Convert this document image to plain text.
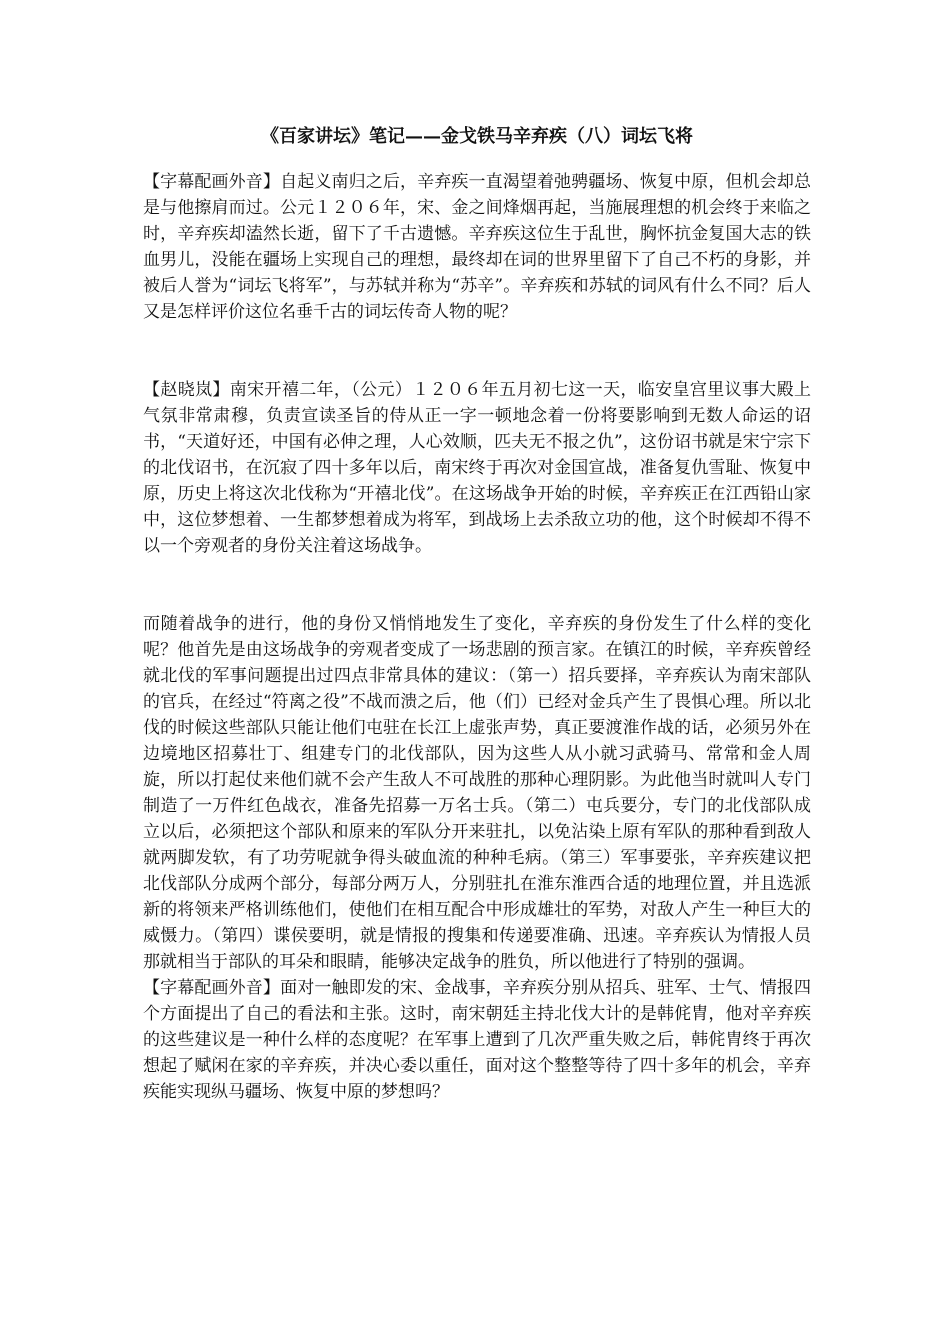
《百家讲坛》笔记——金戈铁马辛弃疾（八）词坛飞将

【字幕配画外音】自起义南归之后，辛弃疾一直渴望着弛骋疆场、恢复中原，但机会却总是与他擦肩而过。公元１２０６年，宋、金之间烽烟再起，当施展理想的机会终于来临之时，辛弃疾却溘然长逝，留下了千古遗憾。辛弃疾这位生于乱世，胸怀抗金复国大志的铁血男儿，没能在疆场上实现自己的理想，最终却在词的世界里留下了自己不朽的身影，并被后人誉为“词坛飞将军”，与苏轼并称为“苏辛”。辛弃疾和苏轼的词风有什么不同？后人又是怎样评价这位名垂千古的词坛传奇人物的呢？

【赵晓岚】南宋开禧二年，（公元）１２０６年五月初七这一天，临安皇宫里议事大殿上气氛非常肃穆，负责宣读圣旨的侍从正一字一顿地念着一份将要影响到无数人命运的诏书，“天道好还，中国有必伸之理，人心效顺，匹夫无不报之仇”，这份诏书就是宋宁宗下的北伐诏书，在沉寂了四十多年以后，南宋终于再次对金国宣战，准备复仇雪耻、恢复中原，历史上将这次北伐称为“开禧北伐”。在这场战争开始的时候，辛弃疾正在江西铅山家中，这位梦想着、一生都梦想着成为将军，到战场上去杀敌立功的他，这个时候却不得不以一个旁观者的身份关注着这场战争。

而随着战争的进行，他的身份又悄悄地发生了变化，辛弃疾的身份发生了什么样的变化呢？他首先是由这场战争的旁观者变成了一场悲剧的预言家。在镇江的时候，辛弃疾曾经就北伐的军事问题提出过四点非常具体的建议：（第一）招兵要择，辛弃疾认为南宋部队的官兵，在经过“符离之役”不战而溃之后，他（们）已经对金兵产生了畏惧心理。所以北伐的时候这些部队只能让他们屯驻在长江上虚张声势，真正要渡淮作战的话，必须另外在边境地区招募壮丁、组建专门的北伐部队，因为这些人从小就习武骑马、常常和金人周旋，所以打起仗来他们就不会产生敌人不可战胜的那种心理阴影。为此他当时就叫人专门制造了一万件红色战衣，准备先招募一万名士兵。（第二）屯兵要分，专门的北伐部队成立以后，必须把这个部队和原来的军队分开来驻扎，以免沾染上原有军队的那种看到敌人就两脚发软，有了功劳呢就争得头破血流的种种毛病。（第三）军事要张，辛弃疾建议把北伐部队分成两个部分，每部分两万人，分别驻扎在淮东淮西合适的地理位置，并且选派新的将领来严格训练他们，使他们在相互配合中形成雄壮的军势，对敌人产生一种巨大的威慑力。（第四）谍侯要明，就是情报的搜集和传递要准确、迅速。辛弃疾认为情报人员那就相当于部队的耳朵和眼睛，能够决定战争的胜负，所以他进行了特别的强调。

【字幕配画外音】面对一触即发的宋、金战事，辛弃疾分别从招兵、驻军、士气、情报四个方面提出了自己的看法和主张。这时，南宋朝廷主持北伐大计的是韩侂胄，他对辛弃疾的这些建议是一种什么样的态度呢？在军事上遭到了几次严重失败之后，韩侂胄终于再次想起了赋闲在家的辛弃疾，并决心委以重任，面对这个整整等待了四十多年的机会，辛弃疾能实现纵马疆场、恢复中原的梦想吗？
